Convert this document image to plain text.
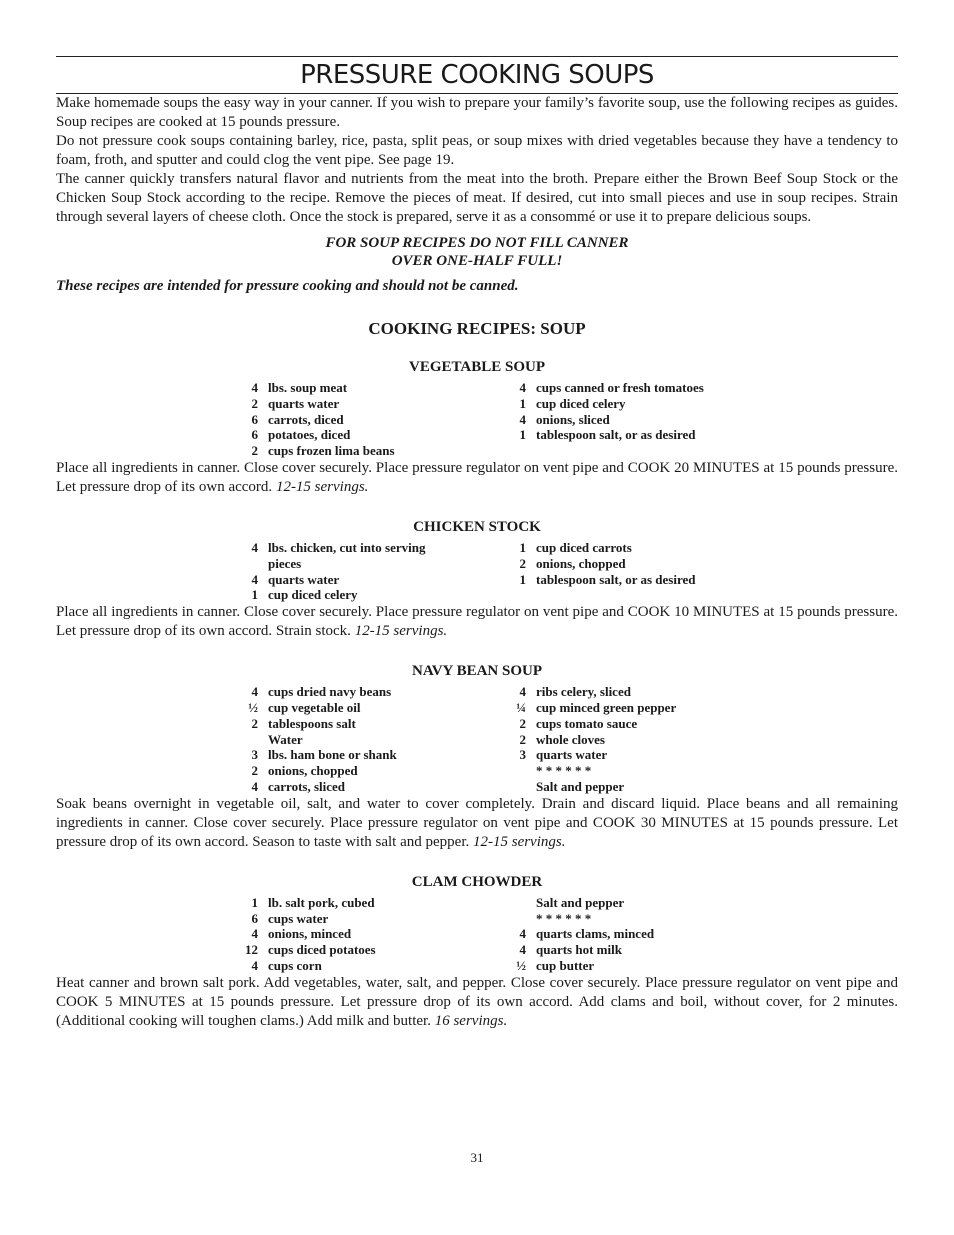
PRESSURE COOKING SOUPS

Make homemade soups the easy way in your canner. If you wish to prepare your family’s favorite soup, use the following recipes as guides. Soup recipes are cooked at 15 pounds pressure.

Do not pressure cook soups containing barley, rice, pasta, split peas, or soup mixes with dried vegetables because they have a tendency to foam, froth, and sputter and could clog the vent pipe. See page 19.

The canner quickly transfers natural flavor and nutrients from the meat into the broth. Prepare either the Brown Beef Soup Stock or the Chicken Soup Stock according to the recipe. Remove the pieces of meat. If desired, cut into small pieces and use in soup recipes. Strain through several layers of cheese cloth. Once the stock is prepared, serve it as a consommé or use it to prepare delicious soups.

FOR SOUP RECIPES DO NOT FILL CANNER
OVER ONE-HALF FULL!
These recipes are intended for pressure cooking and should not be canned.
COOKING RECIPES: SOUP
VEGETABLE SOUP
4 lbs. soup meat
2 quarts water
6 carrots, diced
6 potatoes, diced
2 cups frozen lima beans
4 cups canned or fresh tomatoes
1 cup diced celery
4 onions, sliced
1 tablespoon salt, or as desired

Place all ingredients in canner. Close cover securely. Place pressure regulator on vent pipe and COOK 20 MINUTES at 15 pounds pressure. Let pressure drop of its own accord. 12-15 servings.

CHICKEN STOCK
4 lbs. chicken, cut into serving
pieces
4 quarts water
1 cup diced celery
1 cup diced carrots
2 onions, chopped
1 tablespoon salt, or as desired

Place all ingredients in canner. Close cover securely. Place pressure regulator on vent pipe and COOK 10 MINUTES at 15 pounds pressure. Let pressure drop of its own accord. Strain stock. 12-15 servings.

NAVY BEAN SOUP
4 cups dried navy beans
½ cup vegetable oil
2 tablespoons salt
Water
3 lbs. ham bone or shank
2 onions, chopped
4 carrots, sliced
4 ribs celery, sliced
¼ cup minced green pepper
2 cups tomato sauce
2 whole cloves
3 quarts water
* * * * * *
Salt and pepper

Soak beans overnight in vegetable oil, salt, and water to cover completely. Drain and discard liquid. Place beans and all remaining ingredients in canner. Close cover securely. Place pressure regulator on vent pipe and COOK 30 MINUTES at 15 pounds pressure. Let pressure drop of its own accord. Season to taste with salt and pepper. 12-15 servings.

CLAM CHOWDER
1 lb. salt pork, cubed
6 cups water
4 onions, minced
12 cups diced potatoes
4 cups corn
Salt and pepper
* * * * * *
4 quarts clams, minced
4 quarts hot milk
½ cup butter

Heat canner and brown salt pork. Add vegetables, water, salt, and pepper. Close cover securely. Place pressure regulator on vent pipe and COOK 5 MINUTES at 15 pounds pressure. Let pressure drop of its own accord. Add clams and boil, without cover, for 2 minutes. (Additional cooking will toughen clams.) Add milk and butter. 16 servings.

31
